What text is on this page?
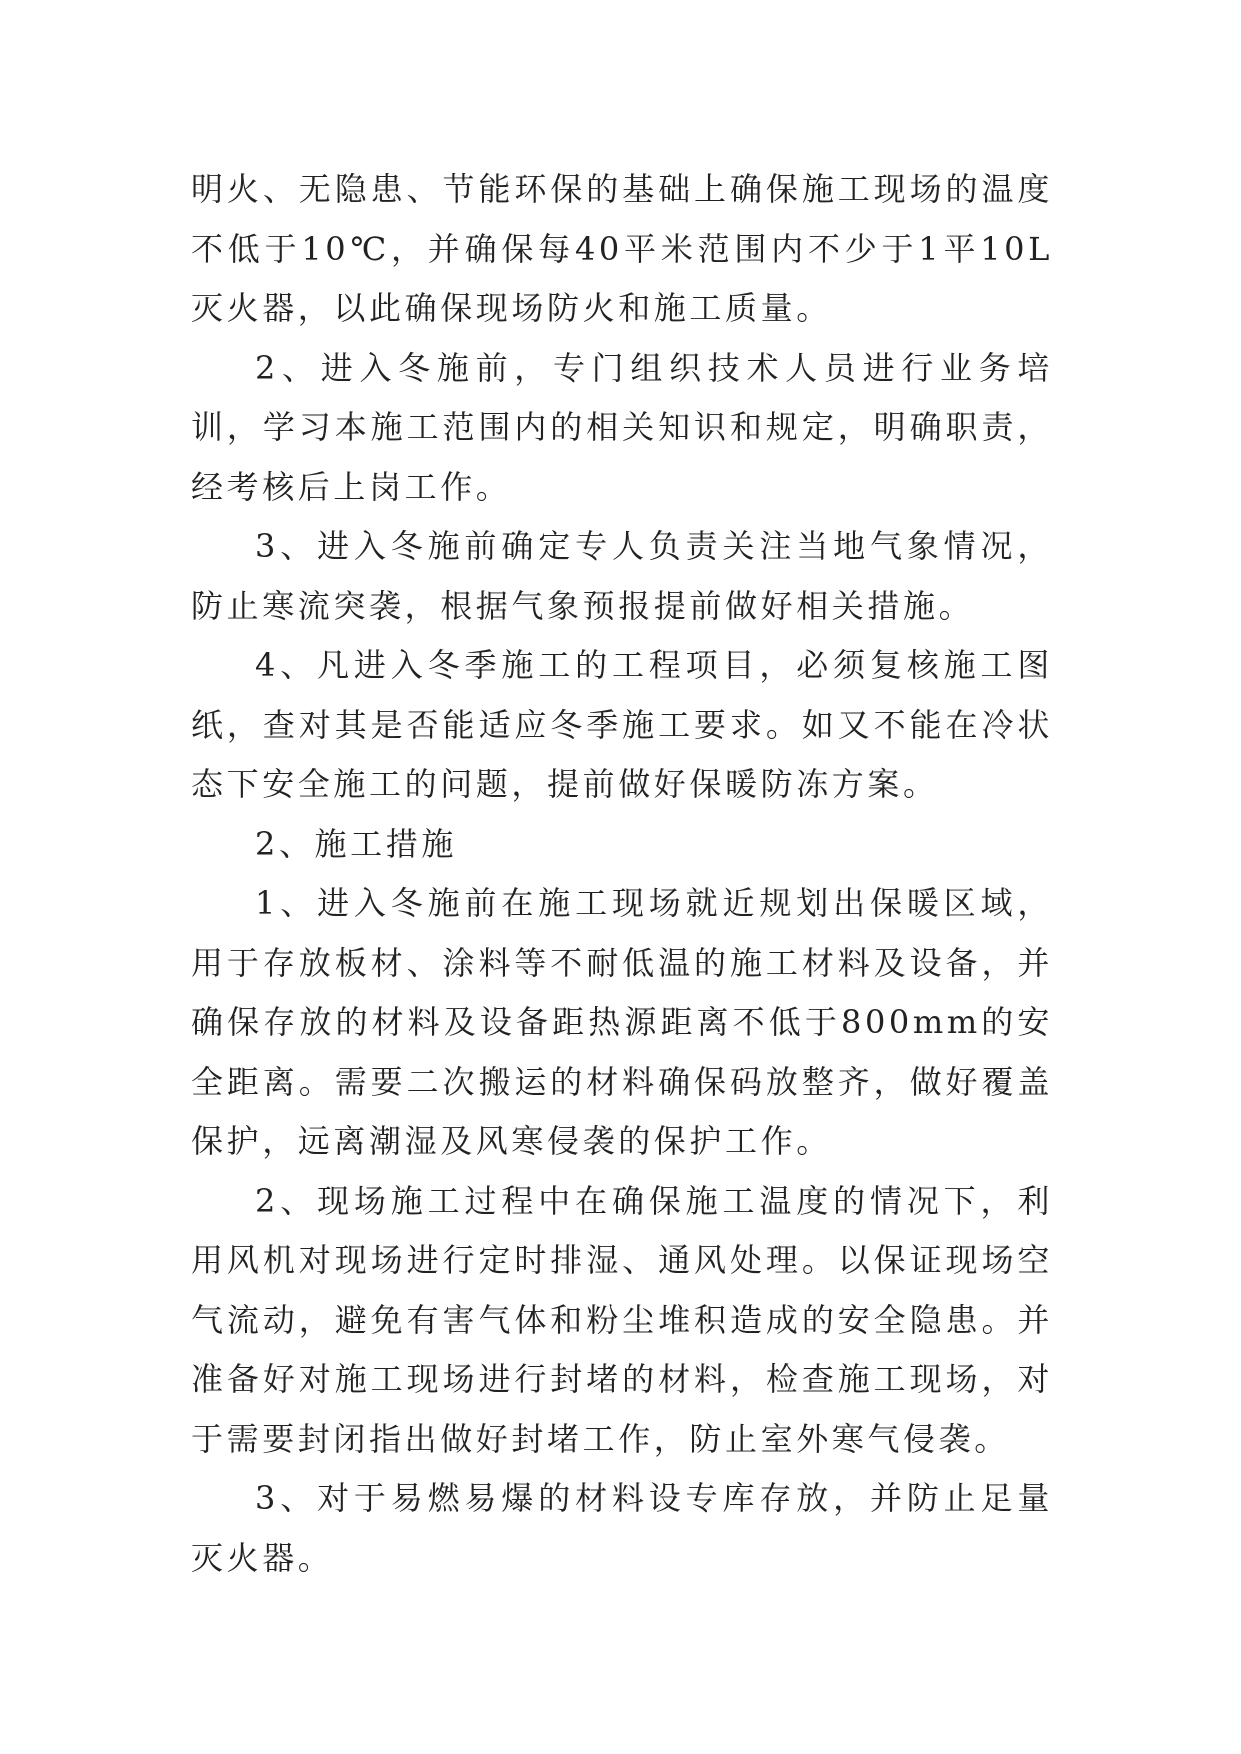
明火、无隐患、节能环保的基础上确保施工现场的温度不低于10℃，并确保每40平米范围内不少于1平10L灭火器，以此确保现场防火和施工质量。

2、进入冬施前，专门组织技术人员进行业务培训，学习本施工范围内的相关知识和规定，明确职责，经考核后上岗工作。

3、进入冬施前确定专人负责关注当地气象情况，防止寒流突袭，根据气象预报提前做好相关措施。

4、凡进入冬季施工的工程项目，必须复核施工图纸，查对其是否能适应冬季施工要求。如又不能在冷状态下安全施工的问题，提前做好保暖防冻方案。

2、施工措施

1、进入冬施前在施工现场就近规划出保暖区域，用于存放板材、涂料等不耐低温的施工材料及设备，并确保存放的材料及设备距热源距离不低于800mm的安全距离。需要二次搬运的材料确保码放整齐，做好覆盖保护，远离潮湿及风寒侵袭的保护工作。

2、现场施工过程中在确保施工温度的情况下，利用风机对现场进行定时排湿、通风处理。以保证现场空气流动，避免有害气体和粉尘堆积造成的安全隐患。并准备好对施工现场进行封堵的材料，检查施工现场，对于需要封闭指出做好封堵工作，防止室外寒气侵袭。

3、对于易燃易爆的材料设专库存放，并防止足量灭火器。
